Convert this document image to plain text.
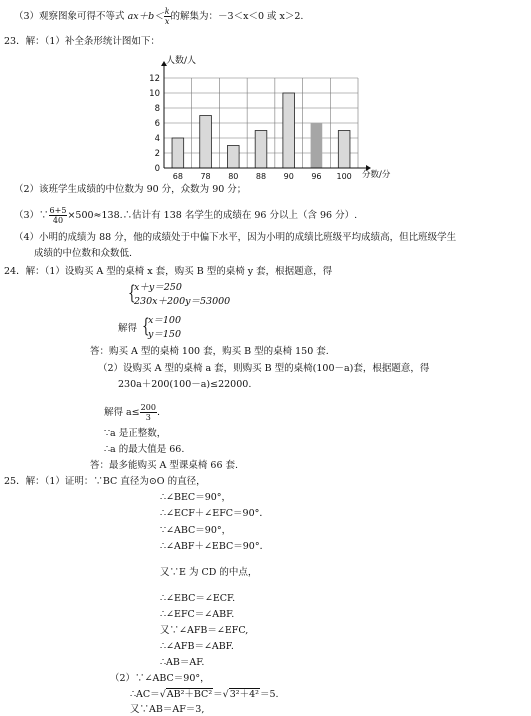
（3）观察图象可得不等式 $ax+b< \frac{k}{x}$ 的解集为：－3＜x＜0 或 x＞2.
23．解：（1）补全条形统计图如下：
0
2
4
6
8
10
12
68 78 80 88 90 96 100
人数/人
分数/分
（2）该班学生成绩的中位数为 90 分，众数为 90 分；
（3）∵ $\frac{6+5}{40}$ ×500≈138.∴估计有 138 名学生的成绩在 96 分以上（含 96 分）.
（4）小明的成绩为 88 分，他的成绩处于中偏下水平，因为小明的成绩比班级平均成绩高，但比班级学生
成绩的中位数和众数低.
24．解：（1）设购买 A 型的桌椅 x 套，购买 B 型的桌椅 y 套，根据题意，得
{
x＋y＝250
230x＋200y＝53000
解得 {
x＝100
y＝150
答：购买 A 型的桌椅 100 套，购买 B 型的桌椅 150 套.
（2）设购买 A 型的桌椅 a 套，则购买 B 型的桌椅(100－a)套，根据题意，得
230a＋200(100－a)≤22000.
解得 $a\le \frac{200}{3}$ .
∵a 是正整数，
∴a 的最大值是 66.
答：最多能购买 A 型课桌椅 66 套.
25．解：（1）证明：∵BC 直径为⊙O 的直径，
∴∠BEC＝90°，
∴∠ECF＋∠EFC＝90°．
∵∠ABC＝90°，
∴∠ABF＋∠EBC＝90°．
又∵E 为 CD 的中点，
∴∠EBC＝∠ECF.
∴∠EFC＝∠ABF.
又∵∠AFB＝∠EFC,
∴∠AFB＝∠ABF.
∴AB＝AF.
（2）∵∠ABC＝90°，
∴AC＝√AB²＋BC²＝√3²＋4²＝5.
又∵AB＝AF＝3,
